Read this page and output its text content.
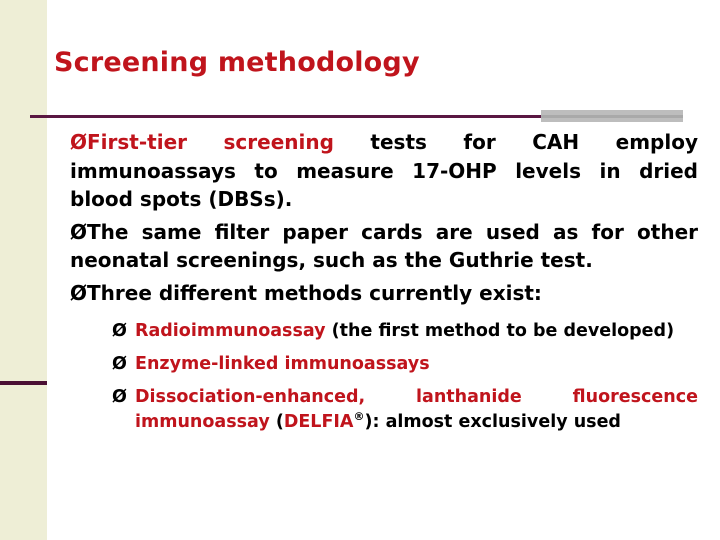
Screening methodology

ØFirst-tier screening tests for CAH employ immunoassays to measure 17-OHP levels in dried blood spots (DBSs).

ØThe same filter paper cards are used as for other neonatal screenings, such as the Guthrie test.

ØThree different methods currently exist:

Ø Radioimmunoassay (the first method to be developed)

Ø Enzyme-linked immunoassays

Ø Dissociation-enhanced, lanthanide fluorescence immunoassay (DELFIA®): almost exclusively used
